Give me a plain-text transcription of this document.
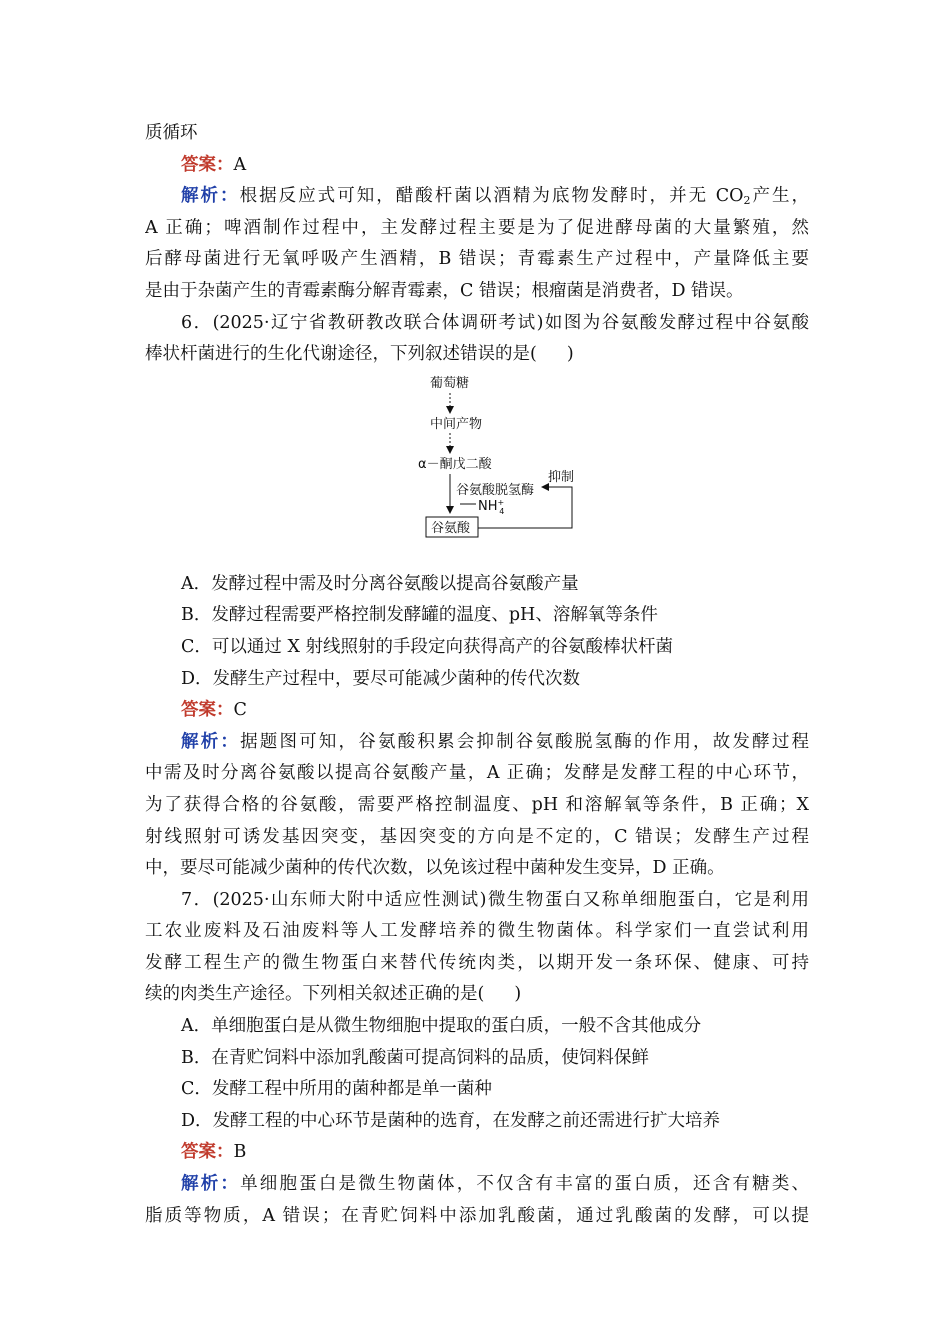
质循环
答案：A
解析：根据反应式可知，醋酸杆菌以酒精为底物发酵时，并无 $CO_2$产生，
A 正确；啤酒制作过程中，主发酵过程主要是为了促进酵母菌的大量繁殖，然
后酵母菌进行无氧呼吸产生酒精，B 错误；青霉素生产过程中，产量降低主要
是由于杂菌产生的青霉素酶分解青霉素，C 错误；根瘤菌是消费者，D 错误。
6．(2025·辽宁省教研教改联合体调研考试)如图为谷氨酸发酵过程中谷氨酸
棒状杆菌进行的生化代谢途径，下列叙述错误的是( )
葡萄糖
中间产物
α－酮戊二酸
谷氨酸脱氢酶
抑制
NH+ 4
谷氨酸
A．发酵过程中需及时分离谷氨酸以提高谷氨酸产量
B．发酵过程需要严格控制发酵罐的温度、pH、溶解氧等条件
C．可以通过 X 射线照射的手段定向获得高产的谷氨酸棒状杆菌
D．发酵生产过程中，要尽可能减少菌种的传代次数
答案：C
解析：据题图可知，谷氨酸积累会抑制谷氨酸脱氢酶的作用，故发酵过程
中需及时分离谷氨酸以提高谷氨酸产量，A 正确；发酵是发酵工程的中心环节，
为了获得合格的谷氨酸，需要严格控制温度、pH 和溶解氧等条件，B 正确；X
射线照射可诱发基因突变，基因突变的方向是不定的，C 错误；发酵生产过程
中，要尽可能减少菌种的传代次数，以免该过程中菌种发生变异，D 正确。
7．(2025·山东师大附中适应性测试)微生物蛋白又称单细胞蛋白，它是利用
工农业废料及石油废料等人工发酵培养的微生物菌体。科学家们一直尝试利用
发酵工程生产的微生物蛋白来替代传统肉类，以期开发一条环保、健康、可持
续的肉类生产途径。下列相关叙述正确的是( )
A．单细胞蛋白是从微生物细胞中提取的蛋白质，一般不含其他成分
B．在青贮饲料中添加乳酸菌可提高饲料的品质，使饲料保鲜
C．发酵工程中所用的菌种都是单一菌种
D．发酵工程的中心环节是菌种的选育，在发酵之前还需进行扩大培养
答案：B
解析：单细胞蛋白是微生物菌体，不仅含有丰富的蛋白质，还含有糖类、
脂质等物质，A 错误；在青贮饲料中添加乳酸菌，通过乳酸菌的发酵，可以提
